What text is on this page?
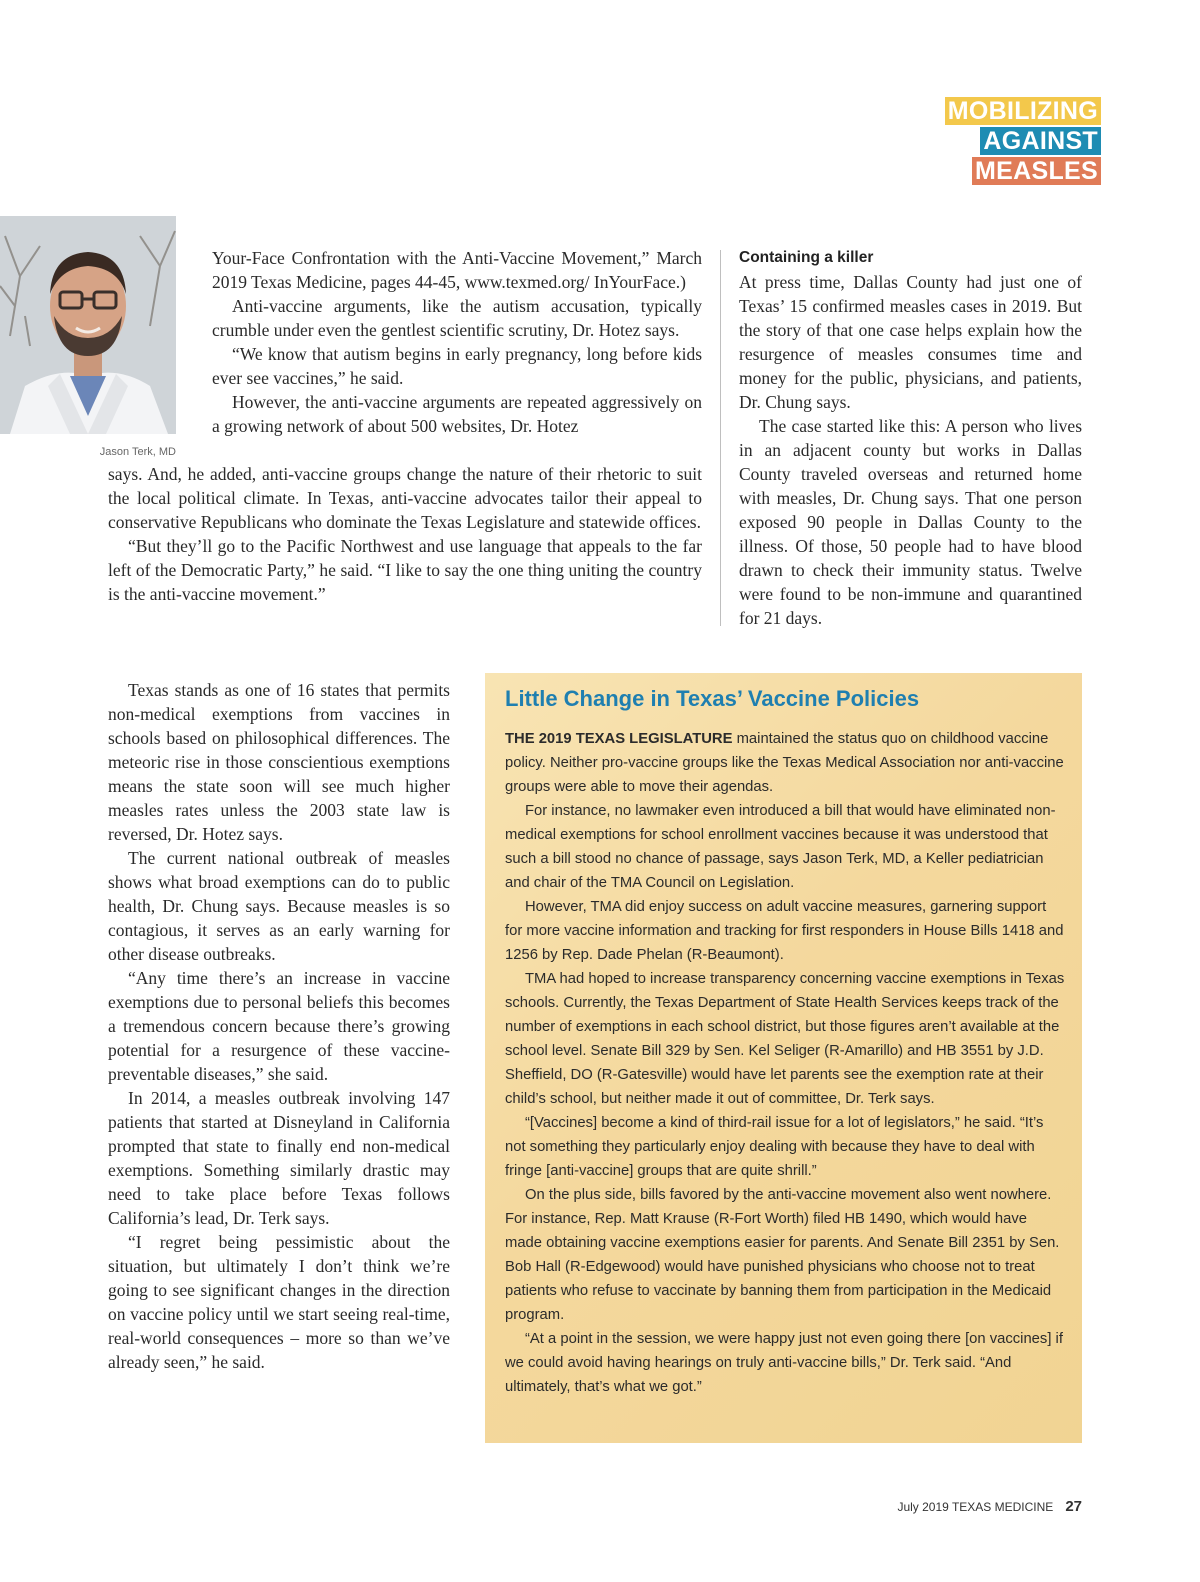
MOBILIZING
AGAINST
MEASLES
Jason Terk, MD

Your-Face Confrontation with the Anti-Vaccine Movement,” March 2019 Texas Medicine, pages 44-45, www.texmed.org/ InYourFace.)

Anti-vaccine arguments, like the autism accusation, typically crumble under even the gentlest scientific scrutiny, Dr. Hotez says.

“We know that autism begins in early pregnancy, long before kids ever see vaccines,” he said.

However, the anti-vaccine arguments are repeated aggressively on a growing network of about 500 websites, Dr. Hotez

says. And, he added, anti-vaccine groups change the nature of their rhetoric to suit the local political climate. In Texas, anti-vaccine advocates tailor their appeal to conservative Republicans who dominate the Texas Legislature and statewide offices.

“But they’ll go to the Pacific Northwest and use language that appeals to the far left of the Democratic Party,” he said. “I like to say the one thing uniting the country is the anti-vaccine movement.”

Texas stands as one of 16 states that permits non-medical exemptions from vaccines in schools based on philosophical differences. The meteoric rise in those conscientious exemptions means the state soon will see much higher measles rates unless the 2003 state law is reversed, Dr. Hotez says.

The current national outbreak of measles shows what broad exemptions can do to public health, Dr. Chung says. Because measles is so contagious, it serves as an early warning for other disease outbreaks.

“Any time there’s an increase in vaccine exemptions due to personal beliefs this becomes a tremendous concern because there’s growing potential for a resurgence of these vaccine-preventable diseases,” she said.

In 2014, a measles outbreak involving 147 patients that started at Disneyland in California prompted that state to finally end non-medical exemptions. Something similarly drastic may need to take place before Texas follows California’s lead, Dr. Terk says.

“I regret being pessimistic about the situation, but ultimately I don’t think we’re going to see significant changes in the direction on vaccine policy until we start seeing real-time, real-world consequences – more so than we’ve already seen,” he said.

Containing a killer

At press time, Dallas County had just one of Texas’ 15 confirmed measles cases in 2019. But the story of that one case helps explain how the resurgence of measles consumes time and money for the public, physicians, and patients, Dr. Chung says.

The case started like this: A person who lives in an adjacent county but works in Dallas County traveled overseas and returned home with measles, Dr. Chung says. That one person exposed 90 people in Dallas County to the illness. Of those, 50 people had to have blood drawn to check their immunity status. Twelve were found to be non-immune and quarantined for 21 days.

Little Change in Texas’ Vaccine Policies

THE 2019 TEXAS LEGISLATURE maintained the status quo on childhood vaccine policy. Neither pro-vaccine groups like the Texas Medical Association nor anti-vaccine groups were able to move their agendas.

For instance, no lawmaker even introduced a bill that would have eliminated non-medical exemptions for school enrollment vaccines because it was understood that such a bill stood no chance of passage, says Jason Terk, MD, a Keller pediatrician and chair of the TMA Council on Legislation.

However, TMA did enjoy success on adult vaccine measures, garnering support for more vaccine information and tracking for first responders in House Bills 1418 and 1256 by Rep. Dade Phelan (R-Beaumont).

TMA had hoped to increase transparency concerning vaccine exemptions in Texas schools. Currently, the Texas Department of State Health Services keeps track of the number of exemptions in each school district, but those figures aren’t available at the school level. Senate Bill 329 by Sen. Kel Seliger (R-Amarillo) and HB 3551 by J.D. Sheffield, DO (R-Gatesville) would have let parents see the exemption rate at their child’s school, but neither made it out of committee, Dr. Terk says.

“[Vaccines] become a kind of third-rail issue for a lot of legislators,” he said. “It’s not something they particularly enjoy dealing with because they have to deal with fringe [anti-vaccine] groups that are quite shrill.”

On the plus side, bills favored by the anti-vaccine movement also went nowhere. For instance, Rep. Matt Krause (R-Fort Worth) filed HB 1490, which would have made obtaining vaccine exemptions easier for parents. And Senate Bill 2351 by Sen. Bob Hall (R-Edgewood) would have punished physicians who choose not to treat patients who refuse to vaccinate by banning them from participation in the Medicaid program.

“At a point in the session, we were happy just not even going there [on vaccines] if we could avoid having hearings on truly anti-vaccine bills,” Dr. Terk said. “And ultimately, that’s what we got.”

July 2019 TEXAS MEDICINE 27
